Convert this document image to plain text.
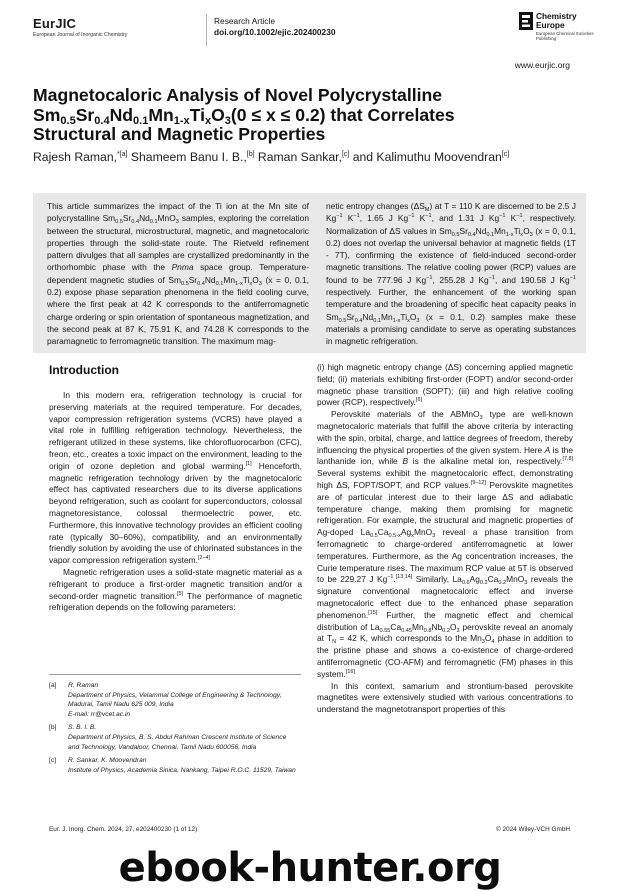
EurJIC
European Journal of Inorganic Chemistry
Research Article
doi.org/10.1002/ejic.202400230
Chemistry
Europe
European Chemical Societies Publishing
www.eurjic.org
Magnetocaloric Analysis of Novel Polycrystalline
$Sm_{0.5}Sr_{0.4}Nd_{0.1}Mn_{1-x}Ti_xO_3(0 \le x \le 0.2)$ that Correlates
Structural and Magnetic Properties
Rajesh Raman,$^{*[a]}$ Shameem Banu I. B.,[b] Raman Sankar,[c] and Kalimuthu Moovendran[c]
This article summarizes the impact of the Ti ion at the Mn site of polycrystalline $Sm_{0.5}Sr_{0.4}Nd_{0.1}MnO_3$ samples, exploring the correlation between the structural, microstructural, magnetic, and magnetocaloric properties through the solid-state route. The Rietveld refinement pattern divulges that all samples are crystallized predominantly in the orthorhombic phase with the Pnma space group. Temperature-dependent magnetic studies of $Sm_{0.5}Sr_{0.4}Nd_{0.1}Mn_{1-x}Ti_xO_3$ (x = 0, 0.1, 0.2) expose phase separation phenomena in the field cooling curve, where the first peak at 42 K corresponds to the antiferromagnetic charge ordering or spin orientation of spontaneous magnetization, and the second peak at 87 K, 75.91 K, and 74.28 K corresponds to the paramagnetic to ferromagnetic transition. The maximum mag-
netic entropy changes $(\Delta S_M)$ at T = 110 K are discerned to be 2.5 J $Kg^{-1}$ $K^{-1}$, 1.65 J $Kg^{-1}$ $K^{-1}$, and 1.31 J $Kg^{-1}$ $K^{-1}$, respectively. Normalization of ΔS values in $Sm_{0.5}Sr_{0.4}Nd_{0.1}Mn_{1-x}Ti_xO_3$ (x = 0, 0.1, 0.2) does not overlap the universal behavior at magnetic fields (1T - 7T), confirming the existence of field-induced second-order magnetic transitions. The relative cooling power (RCP) values are found to be 777.96 J $Kg^{-1}$, 255.28 J $Kg^{-1}$, and 190.58 J $Kg^{-1}$ respectively. Further, the enhancement of the working span temperature and the broadening of specific heat capacity peaks in $Sm_{0.5}Sr_{0.4}Nd_{0.1}Mn_{1-x}Ti_xO_3$ (x = 0.1, 0.2) samples make these materials a promising candidate to serve as operating substances in magnetic refrigeration.
Introduction

In this modern era, refrigeration technology is crucial for preserving materials at the required temperature. For decades, vapor compression refrigeration systems (VCRS) have played a vital role in fulfilling refrigeration technology. Nevertheless, the refrigerant utilized in these systems, like chlorofluorocarbon (CFC), freon, etc., creates a toxic impact on the environment, leading to the origin of ozone depletion and global warming.[1] Henceforth, magnetic refrigeration technology driven by the magnetocaloric effect has captivated researchers due to its diverse applications beyond refrigeration, such as coolant for superconductors, colossal magnetoresistance, colossal thermoelectric power, etc. Furthermore, this innovative technology provides an efficient cooling rate (typically 30–60%), compatibility, and an environmentally friendly solution by avoiding the use of chlorinated substances in the vapor compression refrigeration system.[2–4]

Magnetic refrigeration uses a solid-state magnetic material as a refrigerant to produce a first-order magnetic transition and/or a second-order magnetic transition.[5] The performance of magnetic refrigeration depends on the following parameters:

(i) high magnetic entropy change (ΔS) concerning applied magnetic field; (ii) materials exhibiting first-order (FOPT) and/or second-order magnetic phase transition (SOPT); (iii) and high relative cooling power (RCP), respectively.[6]

Perovskite materials of the ABMnO$_3$ type are well-known magnetocaloric materials that fulfill the above criteria by interacting with the spin, orbital, charge, and lattice degrees of freedom, thereby influencing the physical properties of the given system. Here A is the lanthanide ion, while B is the alkaline metal ion, respectively.[7,8] Several systems exhibit the magnetocaloric effect, demonstrating high ΔS, FOPT/SOPT, and RCP values.[9–12] Perovskite magnetites are of particular interest due to their large ΔS and adiabatic temperature change, making them promising for magnetic refrigeration. For example, the structural and magnetic properties of Ag-doped $La_{0.5}Ca_{0.5-x}Ag_xMnO_3$ reveal a phase transition from ferromagnetic to charge-ordered antiferromagnetic at lower temperatures. Furthermore, as the Ag concentration increases, the Curie temperature rises. The maximum RCP value at 5T is observed to be 229.27 J $Kg^{-1}.[13,14]$ Similarly, $La_{0.6}Ag_{0.2}Ca_{0.2}MnO_3$ reveals the signature conventional magnetocaloric effect and inverse magnetocaloric effect due to the enhanced phase separation phenomenon.[15] Further, the magnetic effect and chemical distribution of $La_{0.55}Ca_{0.45}Mn_{0.8}Nb_{0.2}O_3$ perovskite reveal an anomaly at $T_N = 42$ K, which corresponds to the $Mn_3O_4$ phase in addition to the pristine phase and shows a co-existence of charge-ordered antiferromagnetic (CO-AFM) and ferromagnetic (FM) phases in this system.[16]

In this context, samarium and strontium-based perovskite magnetites were extensively studied with various concentrations to understand the magnetotransport properties of this

[a] R. Raman
Department of Physics, Velammal College of Engineering & Technology,
Madurai, Tamil Nadu 625 009, India
E-mail: rr@vcet.ac.in
[b] S. B. I. B.
Department of Physics, B. S. Abdul Rahman Crescent Institute of Science
and Technology, Vandaloor, Chennai, Tamil Nadu 600056, India
[c] R. Sankar, K. Moovendran
Institute of Physics, Academia Sinica, Nankang, Taipei R.O.C. 11529, Taiwan
Eur. J. Inorg. Chem. 2024, 27, e202400230 (1 of 12)	© 2024 Wiley-VCH GmbH
ebook-hunter.org
